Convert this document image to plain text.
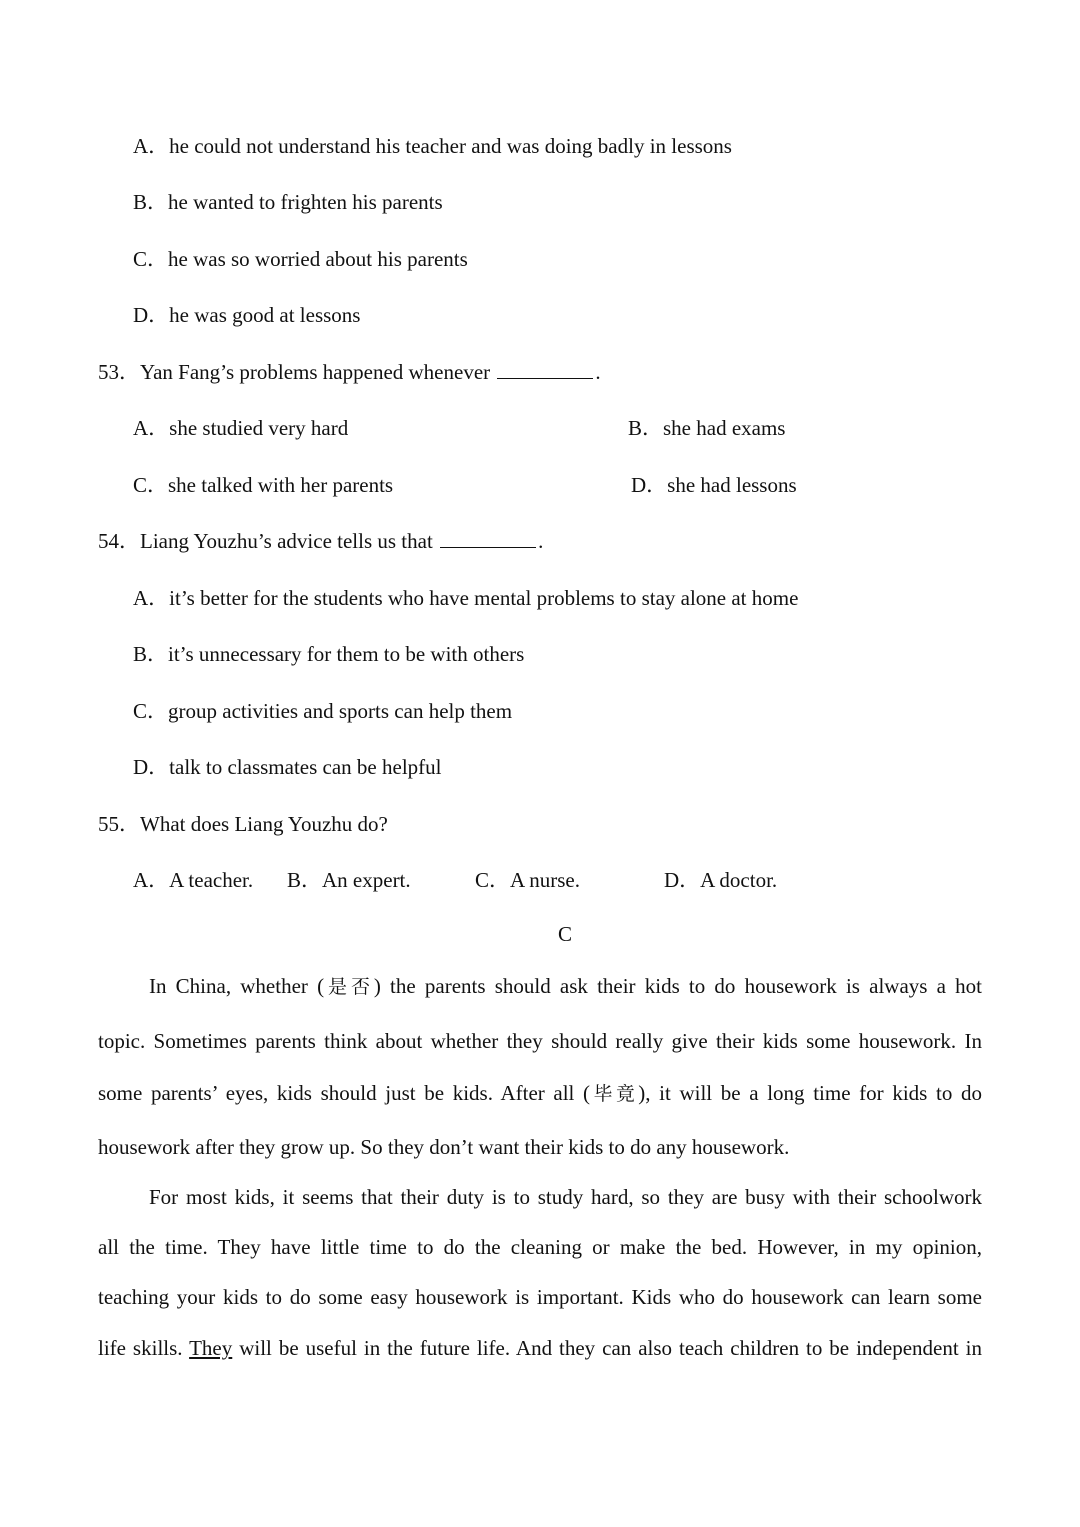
A．he could not understand his teacher and was doing badly in lessons
B．he wanted to frighten his parents
C．he was so worried about his parents
D．he was good at lessons
53．Yan Fang’s problems happened whenever	.
A．she studied very hard	B．she had exams
C．she talked with her parents	D．she had lessons
54．Liang Youzhu’s advice tells us that	.
A．it’s better for the students who have mental problems to stay alone at home
B．it’s unnecessary for them to be with others
C．group activities and sports can help them
D．talk to classmates can be helpful
55．What does Liang Youzhu do?
A．A teacher. B．An expert.	C．A nurse.	D．A doctor.
C
In China, whether (是否) the parents should ask their kids to do housework is always a hot
topic. Sometimes parents think about whether they should really give their kids some housework. In
some parents’ eyes, kids should just be kids. After all (毕竟), it will be a long time for kids to do
housework after they grow up. So they don’t want their kids to do any housework.
For most kids, it seems that their duty is to study hard, so they are busy with their schoolwork
all the time. They have little time to do the cleaning or make the bed. However, in my opinion,
teaching your kids to do some easy housework is important. Kids who do housework can learn some
life skills. They will be useful in the future life. And they can also teach children to be independent in
